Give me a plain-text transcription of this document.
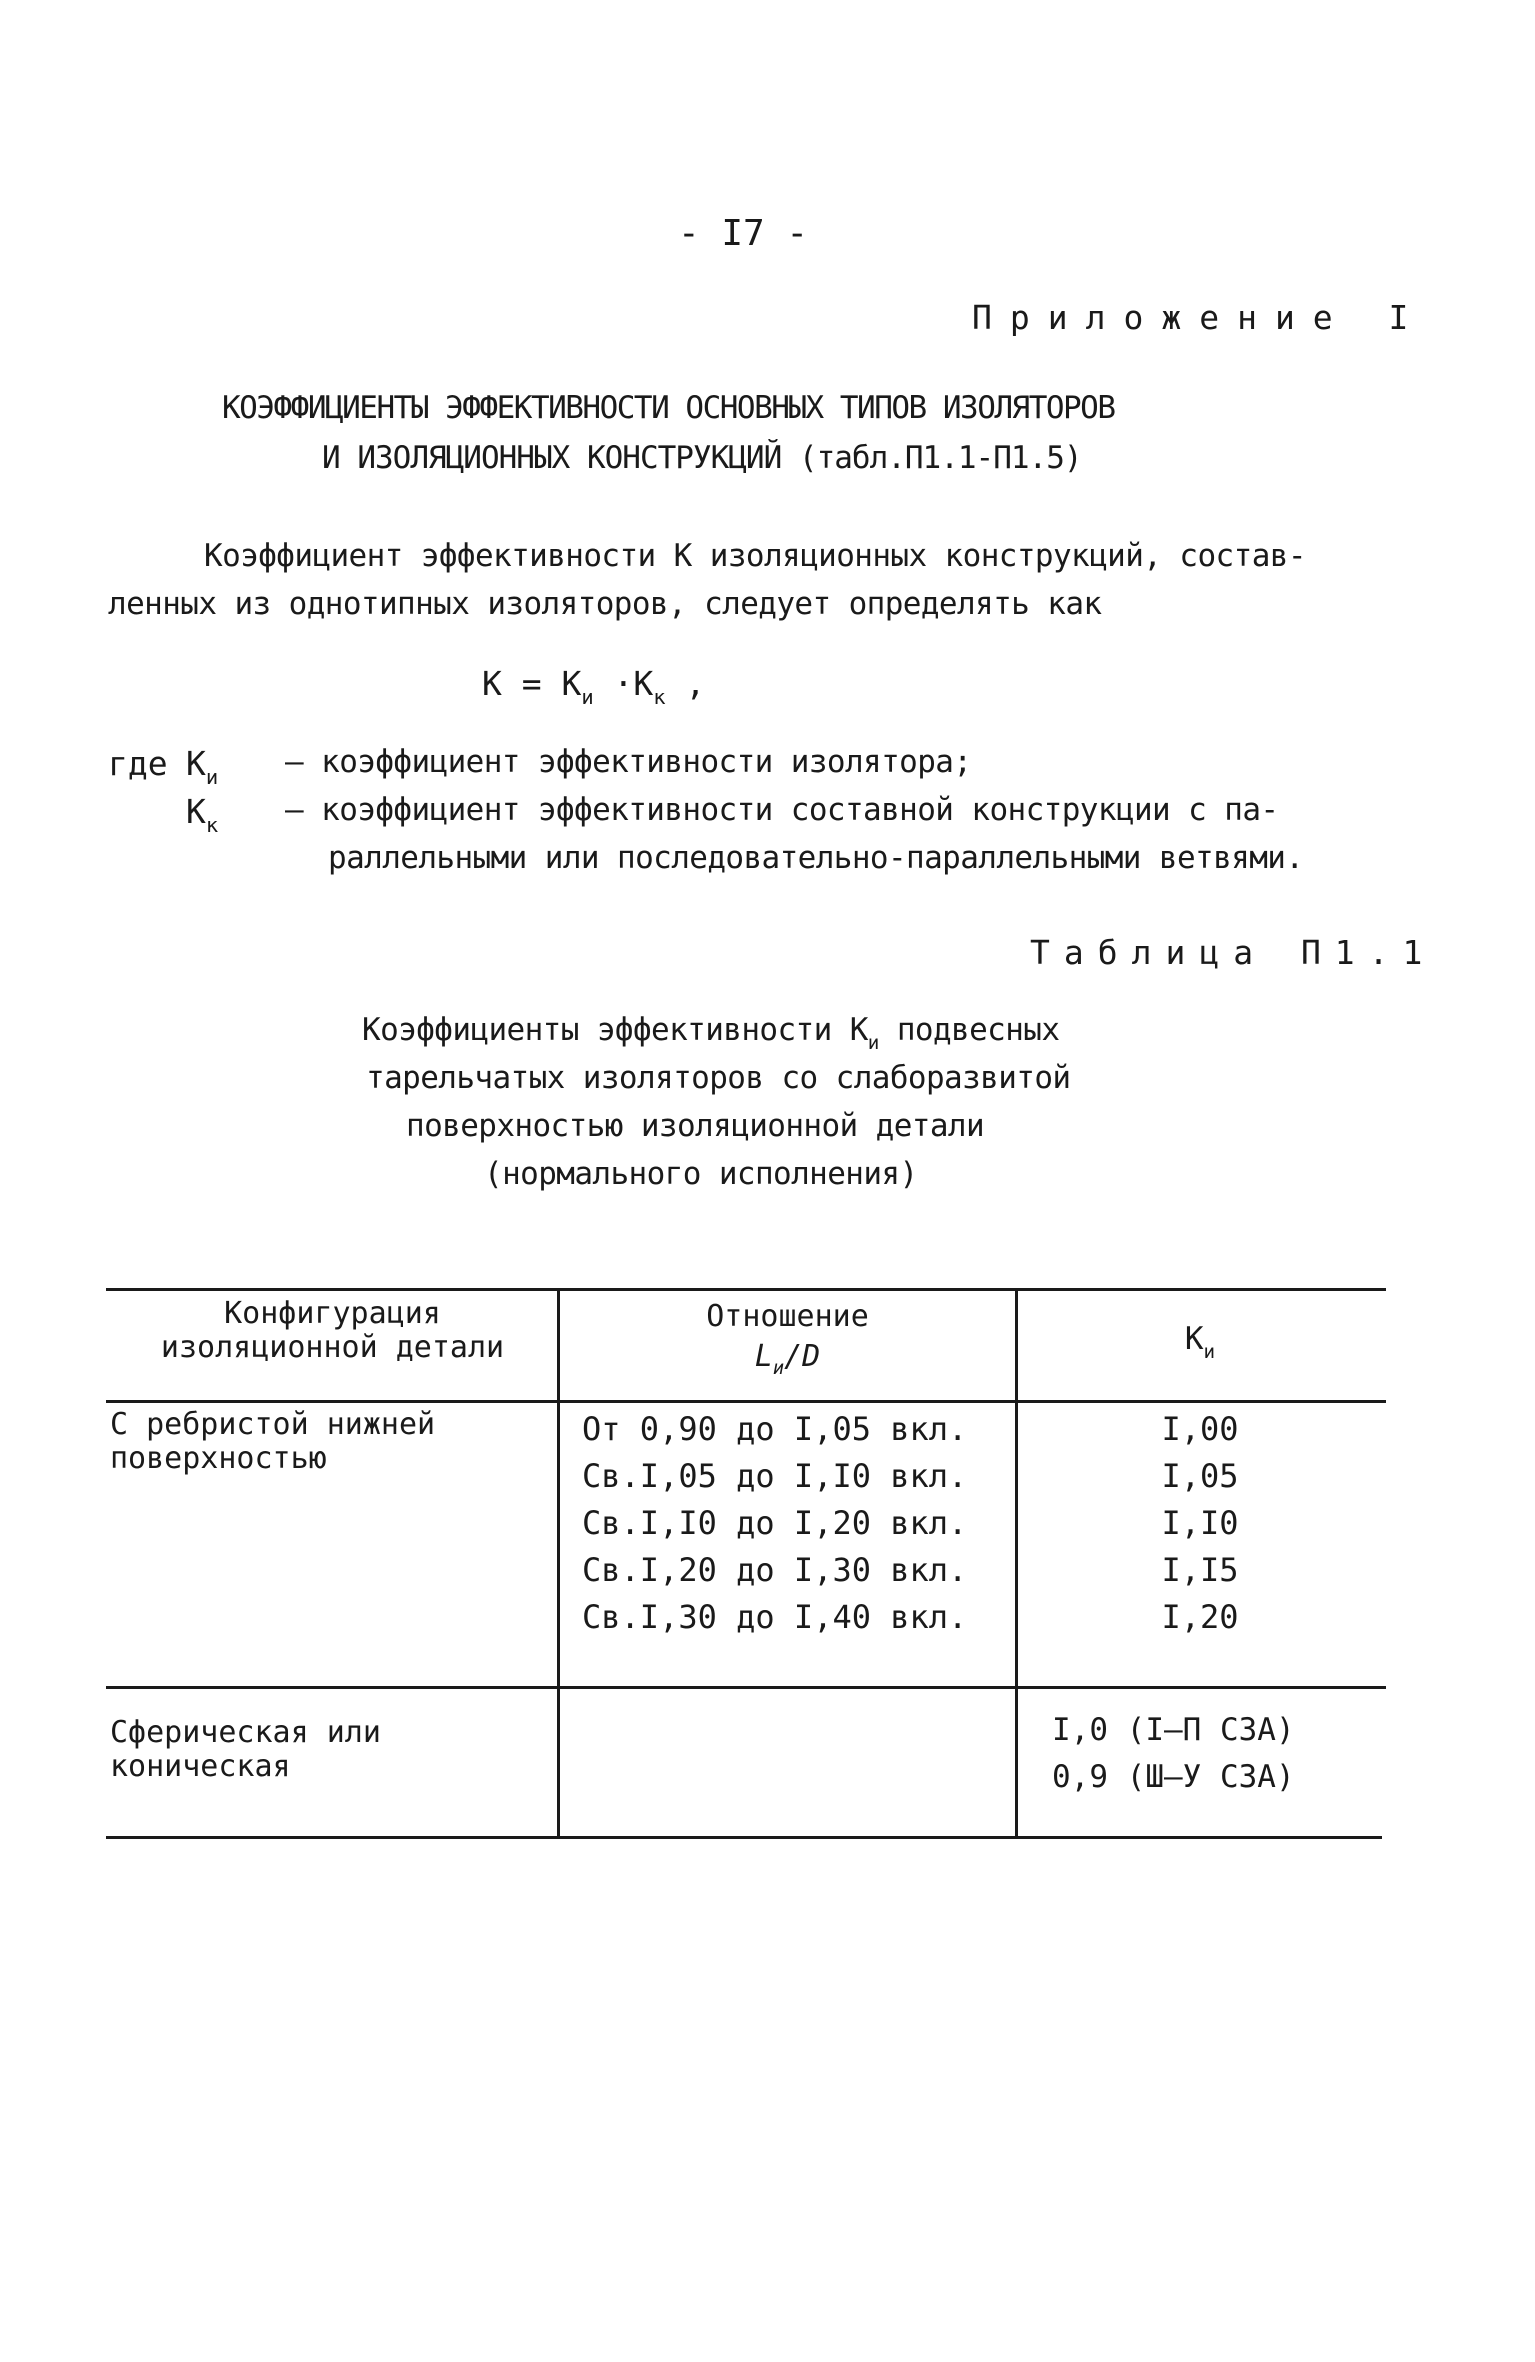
- I7 -
Приложение I
КОЭФФИЦИЕНТЫ ЭФФЕКТИВНОСТИ ОСНОВНЫХ ТИПОВ ИЗОЛЯТОРОВ
И ИЗОЛЯЦИОННЫХ КОНСТРУКЦИЙ (табл.П1.1-П1.5)
Коэффициент эффективности К изоляционных конструкций, состав-
ленных из однотипных изоляторов, следует определять как
$К = К_и \cdot К_к$ ,
где $К_и$ – коэффициент эффективности изолятора;
$К_к$ – коэффициент эффективности составной конструкции с па-
раллельными или последовательно-параллельными ветвями.
Таблица П1.1
Коэффициенты эффективности $К_и$ подвесных
тарельчатых изоляторов со слаборазвитой
поверхностью изоляционной детали
(нормального исполнения)
Конфигурация
изоляционной детали
Отношение
$L_и/D$	$К_и$
С ребристой нижней
поверхностью
От 0,90 до I,05 вкл.
Св.I,05 до I,I0 вкл.
Св.I,I0 до I,20 вкл.
Св.I,20 до I,30 вкл.
Св.I,30 до I,40 вкл.
I,00
I,05
I,I0
I,I5
I,20
Сферическая или
коническая
I,0 (I–П СЗА)
0,9 (Ш–У СЗА)
